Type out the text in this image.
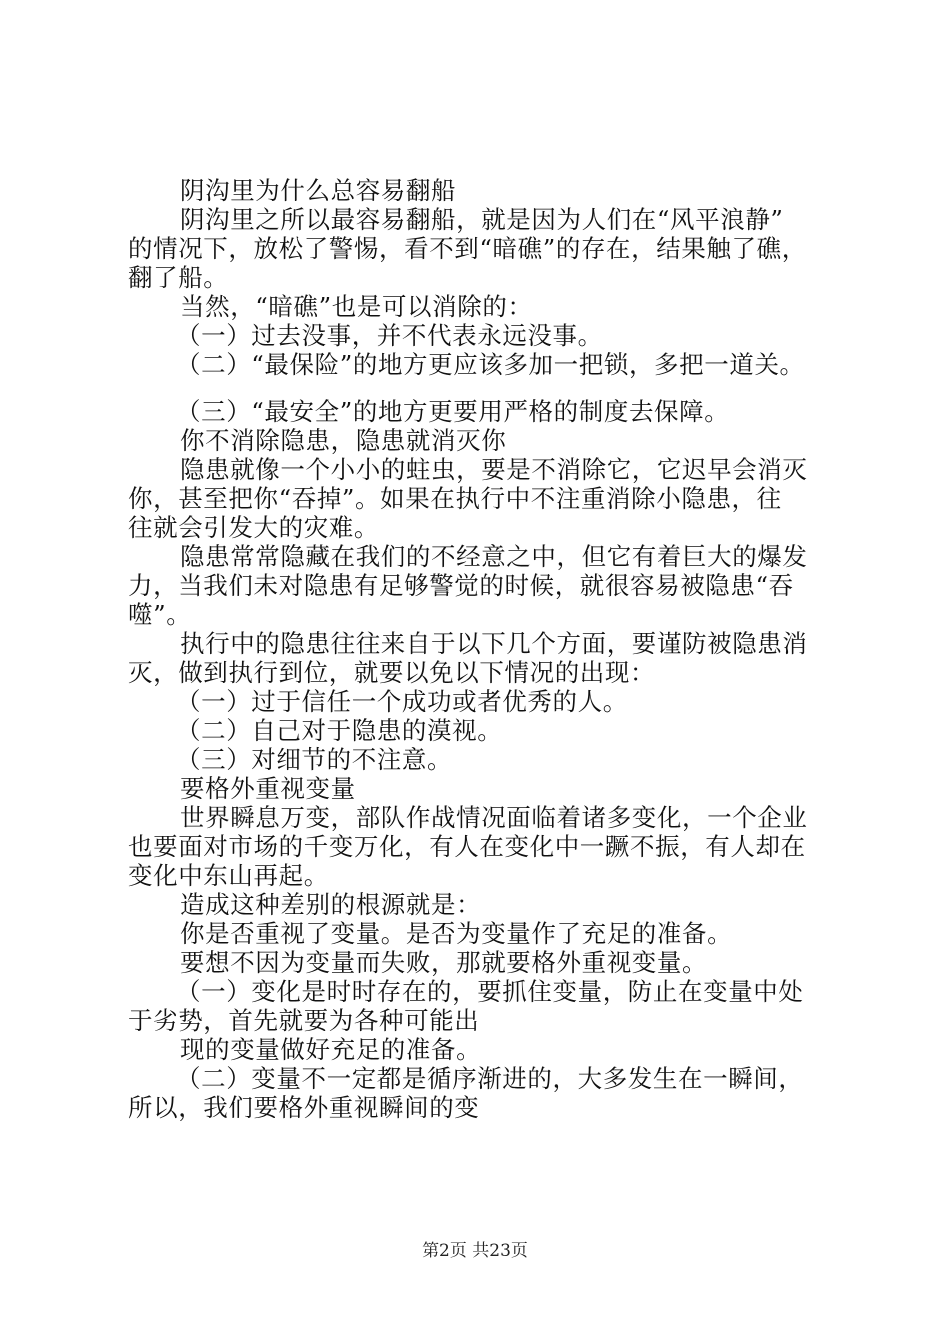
阴沟里为什么总容易翻船

阴沟里之所以最容易翻船，就是因为人们在“风平浪静”

的情况下，放松了警惕，看不到“暗礁”的存在，结果触了礁，

翻了船。

当然，“暗礁”也是可以消除的：

（一）过去没事，并不代表永远没事。

（二）“最保险”的地方更应该多加一把锁，多把一道关。

（三）“最安全”的地方更要用严格的制度去保障。

你不消除隐患，隐患就消灭你

隐患就像一个小小的蛀虫，要是不消除它，它迟早会消灭

你，甚至把你“吞掉”。如果在执行中不注重消除小隐患，往

往就会引发大的灾难。

隐患常常隐藏在我们的不经意之中，但它有着巨大的爆发

力，当我们未对隐患有足够警觉的时候，就很容易被隐患“吞

噬”。

执行中的隐患往往来自于以下几个方面，要谨防被隐患消

灭，做到执行到位，就要以免以下情况的出现：

（一）过于信任一个成功或者优秀的人。

（二）自己对于隐患的漠视。

（三）对细节的不注意。

要格外重视变量

世界瞬息万变，部队作战情况面临着诸多变化，一个企业

也要面对市场的千变万化，有人在变化中一蹶不振，有人却在

变化中东山再起。

造成这种差别的根源就是：

你是否重视了变量。是否为变量作了充足的准备。

要想不因为变量而失败，那就要格外重视变量。

（一）变化是时时存在的，要抓住变量，防止在变量中处

于劣势，首先就要为各种可能出

现的变量做好充足的准备。

（二）变量不一定都是循序渐进的，大多发生在一瞬间，

所以，我们要格外重视瞬间的变

第2页 共23页
